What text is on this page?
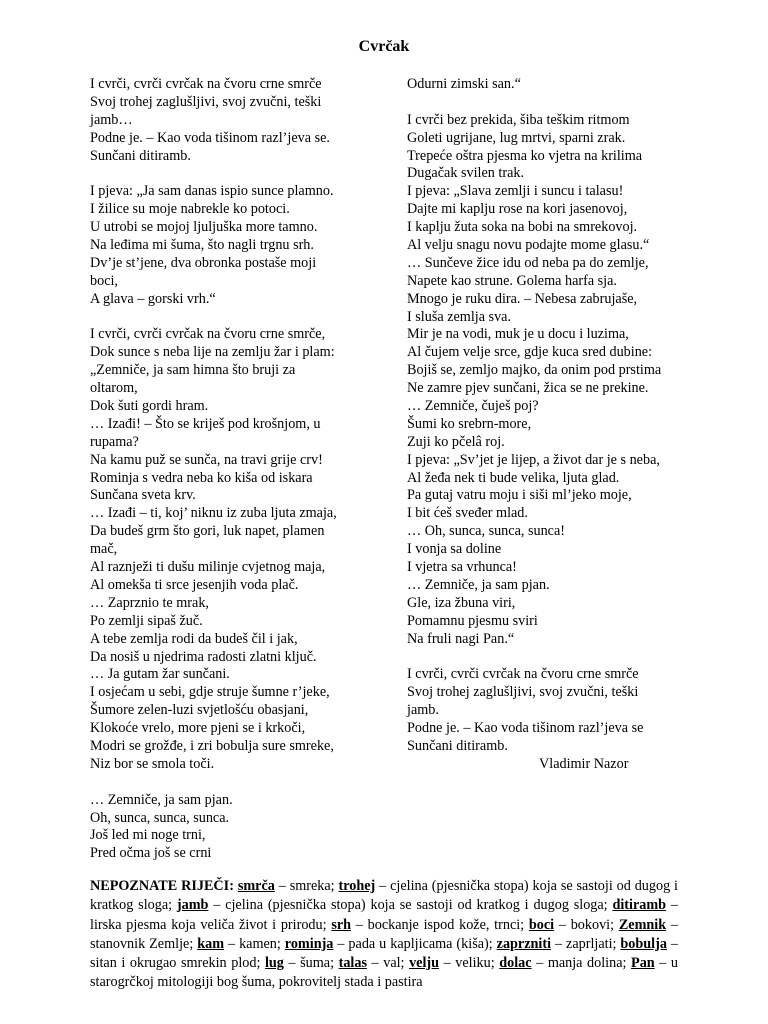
Cvrčak
I cvrči, cvrči cvrčak na čvoru crne smrče
Svoj trohej zaglušljivi, svoj zvučni, teški
jamb…
Podne je. – Kao voda tišinom razl’jeva se.
Sunčani ditiramb.
I pjeva: „Ja sam danas ispio sunce plamno.
I žilice su moje nabrekle ko potoci.
U utrobi se mojoj ljuljuška more tamno.
Na leđima mi šuma, što nagli trgnu srh.
Dv’je st’jene, dva obronka postaše moji
boci,
A glava – gorski vrh.“
I cvrči, cvrči cvrčak na čvoru crne smrče,
Dok sunce s neba lije na zemlju žar i plam:
„Zemniče, ja sam himna što bruji za
oltarom,
Dok šuti gordi hram.
… Izađi! – Što se kriješ pod krošnjom, u
rupama?
Na kamu puž se sunča, na travi grije crv!
Rominja s vedra neba ko kiša od iskara
Sunčana sveta krv.
… Izađi – ti, koj’ niknu iz zuba ljuta zmaja,
Da budeš grm što gori, luk napet, plamen
mač,
Al raznježi ti dušu milinje cvjetnog maja,
Al omekša ti srce jesenjih voda plač.
… Zaprznio te mrak,
Po zemlji sipaš žuč.
A tebe zemlja rodi da budeš čil i jak,
Da nosiš u njedrima radosti zlatni ključ.
… Ja gutam žar sunčani.
I osjećam u sebi, gdje struje šumne r’jeke,
Šumore zelen-luzi svjetlošću obasjani,
Klokoće vrelo, more pjeni se i krkoči,
Modri se grožđe, i zri bobulja sure smreke,
Niz bor se smola toči.
… Zemniče, ja sam pjan.
Oh, sunca, sunca, sunca.
Još led mi noge trni,
Pred očma još se crni
Odurni zimski san.“
I cvrči bez prekida, šiba teškim ritmom
Goleti ugrijane, lug mrtvi, sparni zrak.
Trepeće oštra pjesma ko vjetra na krilima
Dugačak svilen trak.
I pjeva: „Slava zemlji i suncu i talasu!
Dajte mi kaplju rose na kori jasenovoj,
I kaplju žuta soka na bobi na smrekovoj.
Al velju snagu novu podajte mome glasu.“
… Sunčeve žice idu od neba pa do zemlje,
Napete kao strune. Golema harfa sja.
Mnogo je ruku dira. – Nebesa zabrujaše,
I sluša zemlja sva.
Mir je na vodi, muk je u docu i luzima,
Al čujem velje srce, gdje kuca sred dubine:
Bojiš se, zemljo majko, da onim pod prstima
Ne zamre pjev sunčani, žica se ne prekine.
… Zemniče, čuješ poj?
Šumi ko srebrn-more,
Zuji ko pčelâ roj.
I pjeva: „Sv’jet je lijep, a život dar je s neba,
Al žeđa nek ti bude velika, ljuta glad.
Pa gutaj vatru moju i siši ml’jeko moje,
I bit ćeš sveđer mlad.
… Oh, sunca, sunca, sunca!
I vonja sa doline
I vjetra sa vrhunca!
… Zemniče, ja sam pjan.
Gle, iza žbuna viri,
Pomamnu pjesmu sviri
Na fruli nagi Pan.“
I cvrči, cvrči cvrčak na čvoru crne smrče
Svoj trohej zaglušljivi, svoj zvučni, teški
jamb.
Podne je. – Kao voda tišinom razl’jeva se
Sunčani ditiramb.
Vladimir Nazor
NEPOZNATE RIJEČI: smrča – smreka; trohej – cjelina (pjesnička stopa) koja se sastoji od dugog i kratkog sloga; jamb – cjelina (pjesnička stopa) koja se sastoji od kratkog i dugog sloga; ditiramb – lirska pjesma koja veliča život i prirodu; srh – bockanje ispod kože, trnci; boci – bokovi; Zemnik – stanovnik Zemlje; kam – kamen; rominja – pada u kapljicama (kiša); zaprzniti – zaprljati; bobulja – sitan i okrugao smrekin plod; lug – šuma; talas – val; velju – veliku; dolac – manja dolina; Pan – u starogrčkoj mitologiji bog šuma, pokrovitelj stada i pastira
